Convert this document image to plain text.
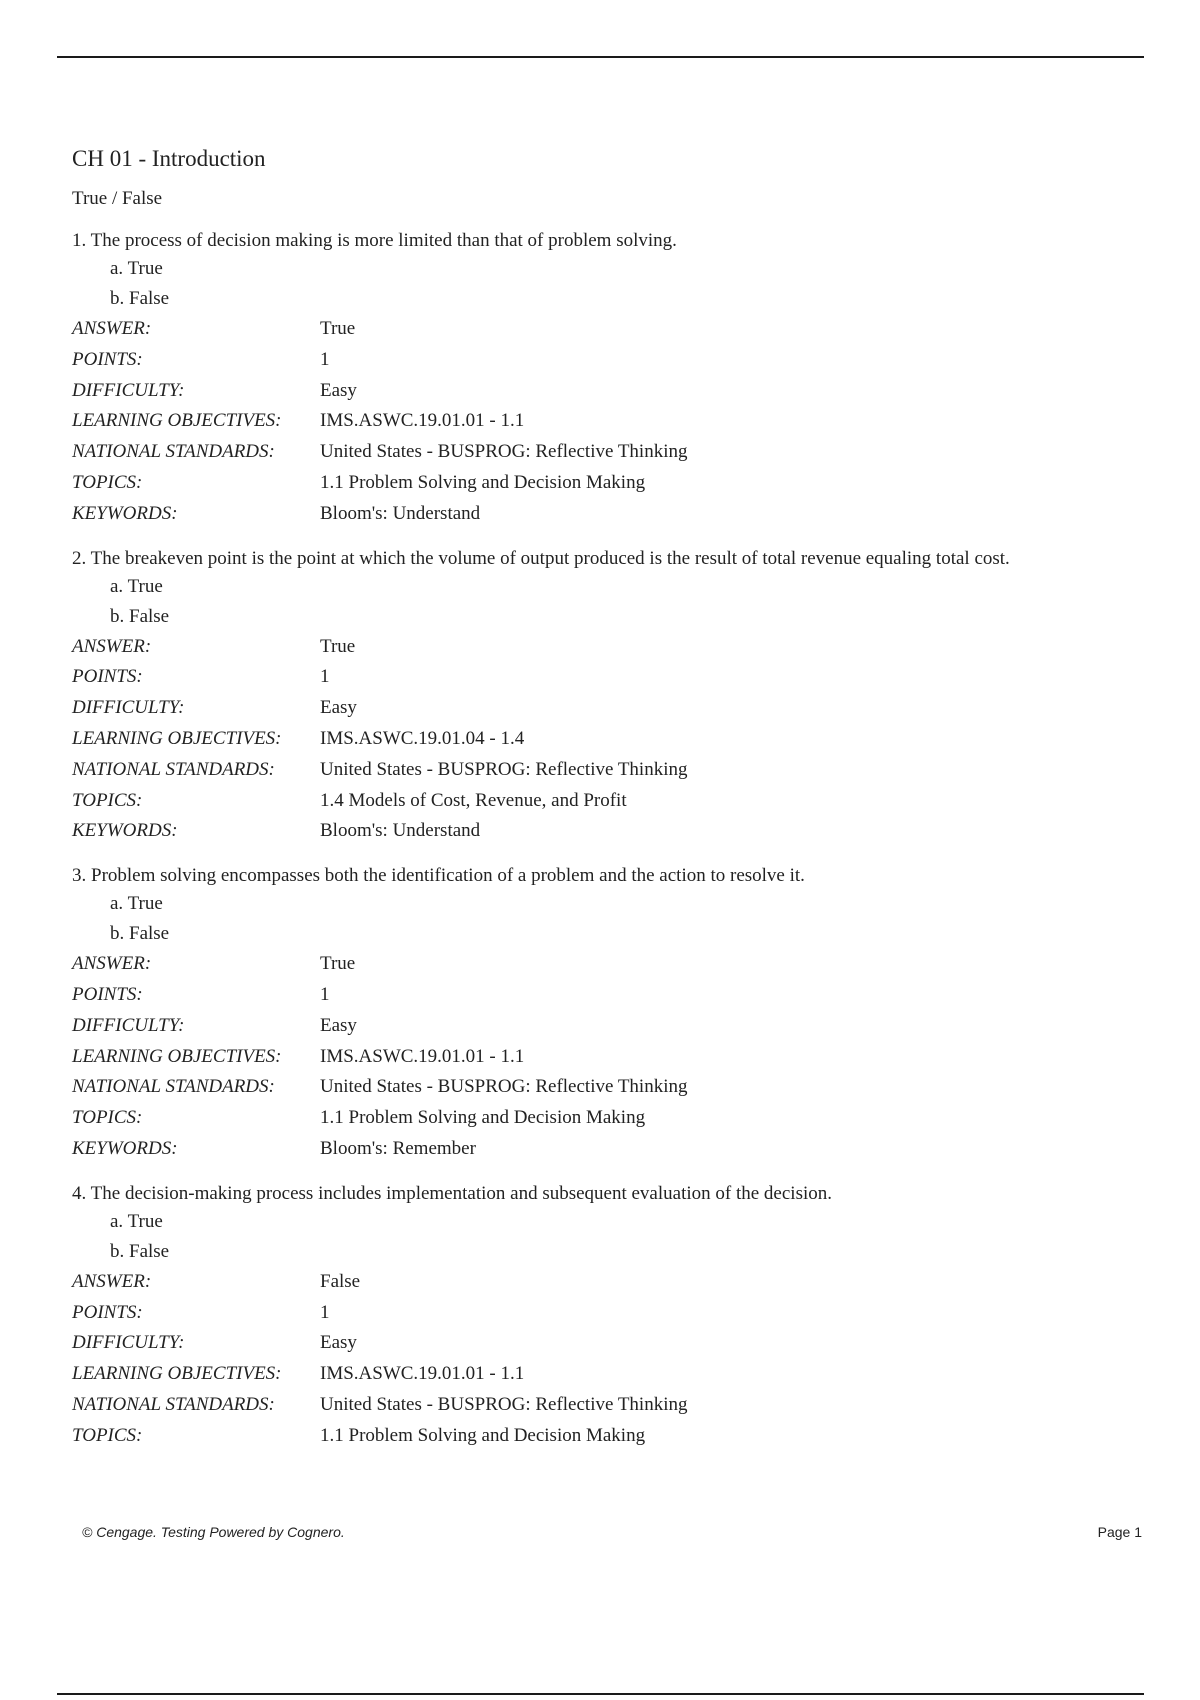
CH 01 - Introduction
True / False

1. The process of decision making is more limited than that of problem solving.

a. True
b. False
ANSWER:	True
POINTS:	1
DIFFICULTY:	Easy
LEARNING OBJECTIVES:	IMS.ASWC.19.01.01 - 1.1
NATIONAL STANDARDS:	United States - BUSPROG: Reflective Thinking
TOPICS:	1.1 Problem Solving and Decision Making
KEYWORDS:	Bloom's: Understand

2. The breakeven point is the point at which the volume of output produced is the result of total revenue equaling total cost.

a. True
b. False
ANSWER:	True
POINTS:	1
DIFFICULTY:	Easy
LEARNING OBJECTIVES:	IMS.ASWC.19.01.04 - 1.4
NATIONAL STANDARDS:	United States - BUSPROG: Reflective Thinking
TOPICS:	1.4 Models of Cost, Revenue, and Profit
KEYWORDS:	Bloom's: Understand

3. Problem solving encompasses both the identification of a problem and the action to resolve it.

a. True
b. False
ANSWER:	True
POINTS:	1
DIFFICULTY:	Easy
LEARNING OBJECTIVES:	IMS.ASWC.19.01.01 - 1.1
NATIONAL STANDARDS:	United States - BUSPROG: Reflective Thinking
TOPICS:	1.1 Problem Solving and Decision Making
KEYWORDS:	Bloom's: Remember

4. The decision-making process includes implementation and subsequent evaluation of the decision.

a. True
b. False
ANSWER:	False
POINTS:	1
DIFFICULTY:	Easy
LEARNING OBJECTIVES:	IMS.ASWC.19.01.01 - 1.1
NATIONAL STANDARDS:	United States - BUSPROG: Reflective Thinking
TOPICS:	1.1 Problem Solving and Decision Making
© Cengage. Testing Powered by Cognero.	Page 1
